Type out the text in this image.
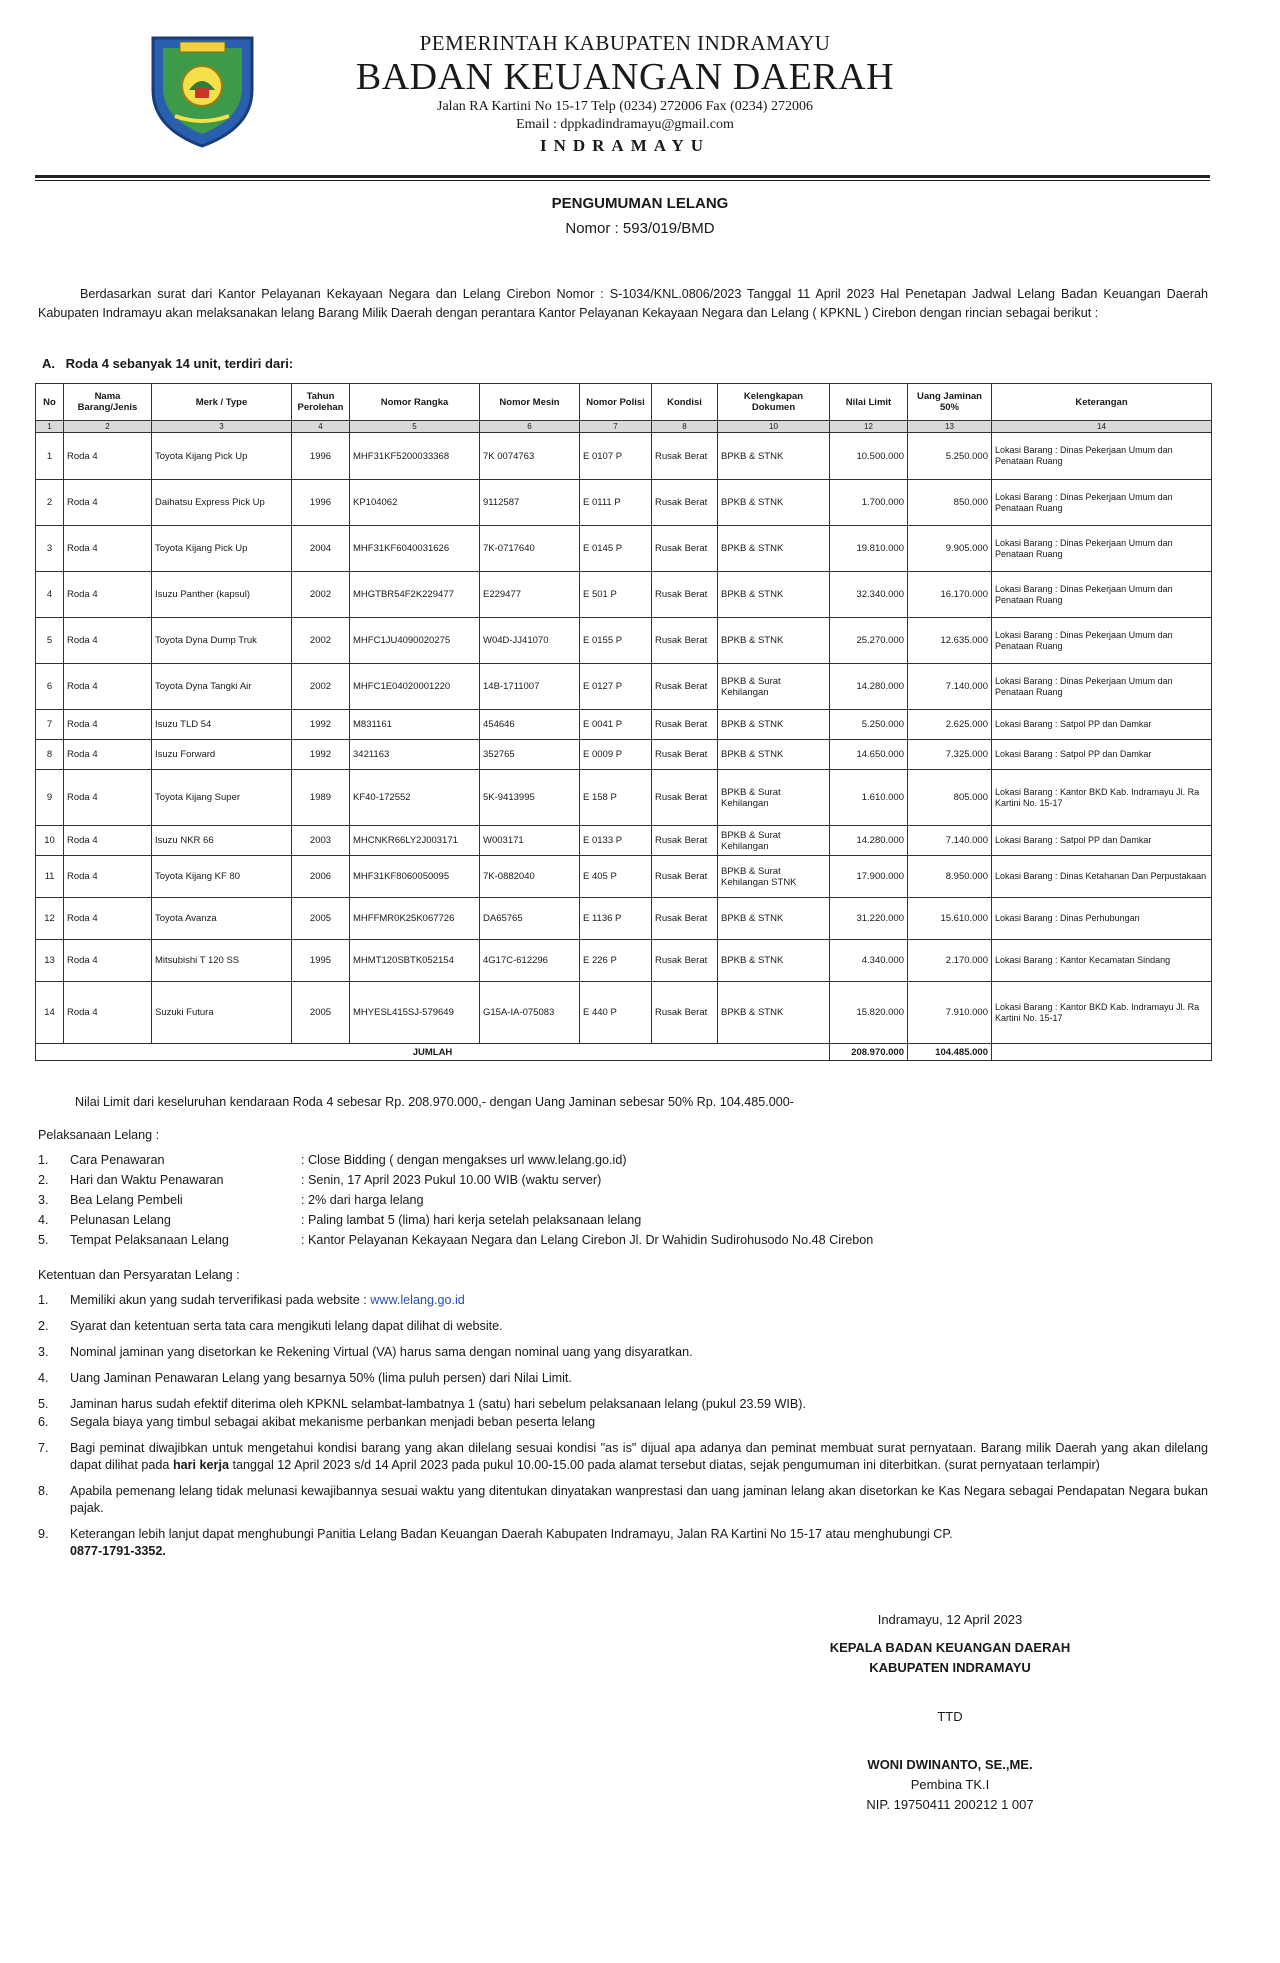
PEMERINTAH KABUPATEN INDRAMAYU
BADAN KEUANGAN DAERAH
Jalan RA Kartini No 15-17 Telp (0234) 272006 Fax (0234) 272006
Email : dppkadindramayu@gmail.com
INDRAMAYU
PENGUMUMAN LELANG
Nomor : 593/019/BMD
Berdasarkan surat dari Kantor Pelayanan Kekayaan Negara dan Lelang Cirebon Nomor : S-1034/KNL.0806/2023 Tanggal 11 April 2023 Hal Penetapan Jadwal Lelang Badan Keuangan Daerah Kabupaten Indramayu akan melaksanakan lelang Barang Milik Daerah dengan perantara Kantor Pelayanan Kekayaan Negara dan Lelang ( KPKNL ) Cirebon dengan rincian sebagai berikut :
A. Roda 4 sebanyak 14 unit, terdiri dari:
No	Nama Barang/Jenis	Merk / Type	Tahun Perolehan	Nomor Rangka	Nomor Mesin	Nomor Polisi	Kondisi	Kelengkapan Dokumen	Nilai Limit	Uang Jaminan 50%	Keterangan
1	2	3	4	5	6	7	8	10	12	13	14
1	Roda 4	Toyota Kijang Pick Up	1996	MHF31KF5200033368	7K 0074763	E 0107 P	Rusak Berat	BPKB & STNK	10.500.000	5.250.000	Lokasi Barang : Dinas Pekerjaan Umum dan Penataan Ruang
2	Roda 4	Daihatsu Express Pick Up	1996	KP104062	9112587	E 0111 P	Rusak Berat	BPKB & STNK	1.700.000	850.000	Lokasi Barang : Dinas Pekerjaan Umum dan Penataan Ruang
3	Roda 4	Toyota Kijang Pick Up	2004	MHF31KF6040031626	7K-0717640	E 0145 P	Rusak Berat	BPKB & STNK	19.810.000	9.905.000	Lokasi Barang : Dinas Pekerjaan Umum dan Penataan Ruang
4	Roda 4	Isuzu Panther (kapsul)	2002	MHGTBR54F2K229477	E229477	E 501 P	Rusak Berat	BPKB & STNK	32.340.000	16.170.000	Lokasi Barang : Dinas Pekerjaan Umum dan Penataan Ruang
5	Roda 4	Toyota Dyna Dump Truk	2002	MHFC1JU4090020275	W04D-JJ41070	E 0155 P	Rusak Berat	BPKB & STNK	25.270.000	12.635.000	Lokasi Barang : Dinas Pekerjaan Umum dan Penataan Ruang
6	Roda 4	Toyota Dyna Tangki Air	2002	MHFC1E04020001220	14B-1711007	E 0127 P	Rusak Berat	BPKB & Surat Kehilangan	14.280.000	7.140.000	Lokasi Barang : Dinas Pekerjaan Umum dan Penataan Ruang
7	Roda 4	Isuzu TLD 54	1992	M831161	454646	E 0041 P	Rusak Berat	BPKB & STNK	5.250.000	2.625.000	Lokasi Barang : Satpol PP dan Damkar
8	Roda 4	Isuzu Forward	1992	3421163	352765	E 0009 P	Rusak Berat	BPKB & STNK	14.650.000	7.325.000	Lokasi Barang : Satpol PP dan Damkar
9	Roda 4	Toyota Kijang Super	1989	KF40-172552	5K-9413995	E 158 P	Rusak Berat	BPKB & Surat Kehilangan	1.610.000	805.000	Lokasi Barang : Kantor BKD Kab. Indramayu Jl. Ra Kartini No. 15-17
10	Roda 4	Isuzu NKR 66	2003	MHCNKR66LY2J003171	W003171	E 0133 P	Rusak Berat	BPKB & Surat Kehilangan	14.280.000	7.140.000	Lokasi Barang : Satpol PP dan Damkar
11	Roda 4	Toyota Kijang KF 80	2006	MHF31KF8060050095	7K-0882040	E 405 P	Rusak Berat	BPKB & Surat Kehilangan STNK	17.900.000	8.950.000	Lokasi Barang : Dinas Ketahanan Dan Perpustakaan
12	Roda 4	Toyota Avanza	2005	MHFFMR0K25K067726	DA65765	E 1136 P	Rusak Berat	BPKB & STNK	31.220.000	15.610.000	Lokasi Barang : Dinas Perhubungan
13	Roda 4	Mitsubishi T 120 SS	1995	MHMT120SBTK052154	4G17C-612296	E 226 P	Rusak Berat	BPKB & STNK	4.340.000	2.170.000	Lokasi Barang : Kantor Kecamatan Sindang
14	Roda 4	Suzuki Futura	2005	MHYESL415SJ-579649	G15A-IA-075083	E 440 P	Rusak Berat	BPKB & STNK	15.820.000	7.910.000	Lokasi Barang : Kantor BKD Kab. Indramayu Jl. Ra Kartini No. 15-17
JUMLAH									208.970.000	104.485.000	
Nilai Limit dari keseluruhan kendaraan Roda 4 sebesar Rp. 208.970.000,- dengan Uang Jaminan sebesar 50% Rp. 104.485.000-
Pelaksanaan Lelang :
1. Cara Penawaran	: Close Bidding ( dengan mengakses url www.lelang.go.id)
2. Hari dan Waktu Penawaran	: Senin, 17 April 2023 Pukul 10.00 WIB (waktu server)
3. Bea Lelang Pembeli	: 2% dari harga lelang
4. Pelunasan Lelang	: Paling lambat 5 (lima) hari kerja setelah pelaksanaan lelang
5. Tempat Pelaksanaan Lelang	: Kantor Pelayanan Kekayaan Negara dan Lelang Cirebon Jl. Dr Wahidin Sudirohusodo No.48 Cirebon
Ketentuan dan Persyaratan Lelang :
1. Memiliki akun yang sudah terverifikasi pada website : www.lelang.go.id
2. Syarat dan ketentuan serta tata cara mengikuti lelang dapat dilihat di website.
3. Nominal jaminan yang disetorkan ke Rekening Virtual (VA) harus sama dengan nominal uang yang disyaratkan.
4. Uang Jaminan Penawaran Lelang yang besarnya 50% (lima puluh persen) dari Nilai Limit.
5. Jaminan harus sudah efektif diterima oleh KPKNL selambat-lambatnya 1 (satu) hari sebelum pelaksanaan lelang (pukul 23.59 WIB).
6. Segala biaya yang timbul sebagai akibat mekanisme perbankan menjadi beban peserta lelang
7. Bagi peminat diwajibkan untuk mengetahui kondisi barang yang akan dilelang sesuai kondisi "as is" dijual apa adanya dan peminat membuat surat pernyataan. Barang milik Daerah yang akan dilelang dapat dilihat pada hari kerja tanggal 12 April 2023 s/d 14 April 2023 pada pukul 10.00-15.00 pada alamat tersebut diatas, sejak pengumuman ini diterbitkan. (surat pernyataan terlampir)
8. Apabila pemenang lelang tidak melunasi kewajibannya sesuai waktu yang ditentukan dinyatakan wanprestasi dan uang jaminan lelang akan disetorkan ke Kas Negara sebagai Pendapatan Negara bukan pajak.
9. Keterangan lebih lanjut dapat menghubungi Panitia Lelang Badan Keuangan Daerah Kabupaten Indramayu, Jalan RA Kartini No 15-17 atau menghubungi CP.
0877-1791-3352.
Indramayu, 12 April 2023
KEPALA BADAN KEUANGAN DAERAH
KABUPATEN INDRAMAYU
TTD
WONI DWINANTO, SE.,ME.
Pembina TK.I
NIP. 19750411 200212 1 007
